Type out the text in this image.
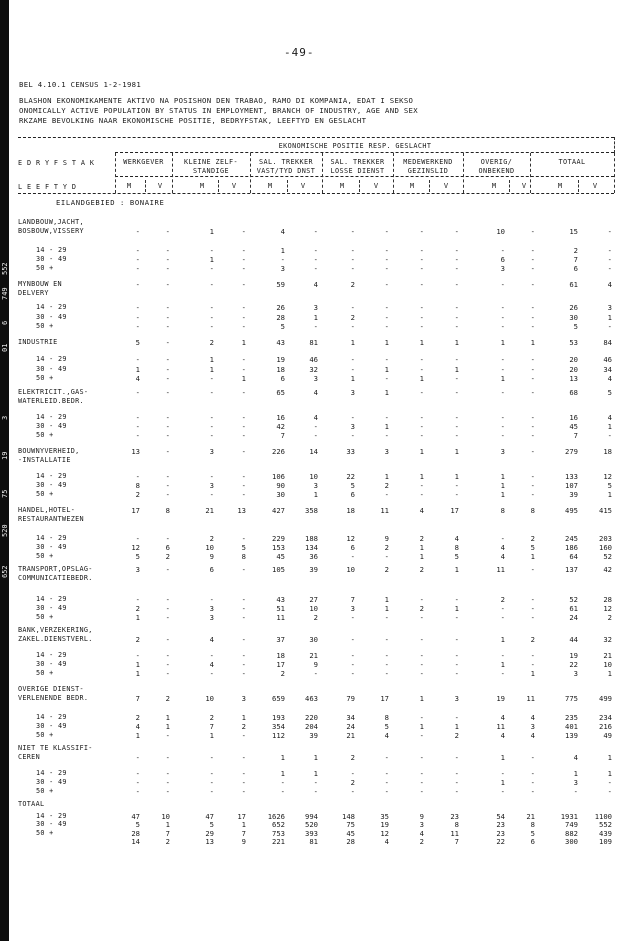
552
749
6
01
3
19
75
520
652
-49-
BEL 4.10.1 CENSUS 1-2-1981
BLASHON EKONOMIKAMENTE AKTIVO NA POSISHON DEN TRABAO, RAMO DI KOMPANIA, EDAT I SEKSO
ONOMICALLY ACTIVE POPULATION BY STATUS IN EMPLOYMENT, BRANCH OF INDUSTRY, AGE AND SEX
RKZAME BEVOLKING NAAR EKONOMISCHE POSITIE, BEDRYFSTAK, LEEFTYD EN GESLACHT
EKONOMISCHE POSITIE RESP. GESLACHT
E D R Y F S T A K
L E E F T Y D
WERKGEVER
M	V
KLEINE ZELF-
STANDIGE
M	V
SAL. TREKKER
VAST/TYD DNST
M	V
SAL. TREKKER
LOSSE DIENST
M	V
MEDEWERKEND
GEZINSLID
M	V
OVERIG/
ONBEKEND
M	V
TOTAAL
M	V
EILANDGEBIED : BONAIRE
LANDBOUW,JACHT,
BOSBOUW,VISSERY	-	-	1	-	4	-	-	-	-	-	10	-	15	-
14 - 29	-	-	-	-	1	-	-	-	-	-	-	-	2	-
30 - 49	-	-	1	-	-	-	-	-	-	-	6	-	7	-
50 +	-	-	-	-	3	-	-	-	-	-	3	-	6	-
MYNBOUW EN	-	-	-	-	59	4	2	-	-	-	-	-	61	4
DELVERY
14 - 29	-	-	-	-	26	3	-	-	-	-	-	-	26	3
30 - 49	-	-	-	-	28	1	2	-	-	-	-	-	30	1
50 +	-	-	-	-	5	-	-	-	-	-	-	-	5	-
INDUSTRIE	5	-	2	1	43	81	1	1	1	1	1	1	53	84
14 - 29	-	-	1	-	19	46	-	-	-	-	-	-	20	46
30 - 49	1	-	1	-	18	32	-	1	-	1	-	-	20	34
50 +	4	-	-	1	6	3	1	-	1	-	1	-	13	4
ELEKTRICIT.,GAS-	-	-	-	-	65	4	3	1	-	-	-	-	68	5
WATERLEID.BEDR.
14 - 29	-	-	-	-	16	4	-	-	-	-	-	-	16	4
30 - 49	-	-	-	-	42	-	3	1	-	-	-	-	45	1
50 +	-	-	-	-	7	-	-	-	-	-	-	-	7	-
BOUWNYVERHEID,	13	-	3	-	226	14	33	3	1	1	3	-	279	18
-INSTALLATIE
14 - 29	-	-	-	-	106	10	22	1	1	1	1	-	133	12
30 - 49	8	-	3	-	90	3	5	2	-	-	1	-	107	5
50 +	2	-	-	-	30	1	6	-	-	-	1	-	39	1
HANDEL,HOTEL-	17	8	21	13	427	358	18	11	4	17	8	8	495	415
RESTAURANTWEZEN
14 - 29	-	-	2	-	229	188	12	9	2	4	-	2	245	203
30 - 49	12	6	10	5	153	134	6	2	1	8	4	5	186	160
50 +	5	2	9	8	45	36	-	-	1	5	4	1	64	52
TRANSPORT,OPSLAG-	3	-	6	-	105	39	10	2	2	1	11	-	137	42
COMMUNICATIEBEDR.
14 - 29	-	-	-	-	43	27	7	1	-	-	2	-	52	28
30 - 49	2	-	3	-	51	10	3	1	2	1	-	-	61	12
50 +	1	-	3	-	11	2	-	-	-	-	-	-	24	2
BANK,VERZEKERING,
ZAKEL.DIENSTVERL.	2	-	4	-	37	30	-	-	-	-	1	2	44	32
14 - 29	-	-	-	-	18	21	-	-	-	-	-	-	19	21
30 - 49	1	-	4	-	17	9	-	-	-	-	1	-	22	10
50 +	1	-	-	-	2	-	-	-	-	-	-	1	3	1
OVERIGE DIENST-
VERLENENDE BEDR.	7	2	10	3	659	463	79	17	1	3	19	11	775	499
14 - 29	2	1	2	1	193	220	34	8	-	-	4	4	235	234
30 - 49	4	1	7	2	354	204	24	5	1	1	11	3	401	216
50 +	1	-	1	-	112	39	21	4	-	2	4	4	139	49
NIET TE KLASSIFI-
CEREN	-	-	-	-	1	1	2	-	-	-	1	-	4	1
14 - 29	-	-	-	-	1	1	-	-	-	-	-	-	1	1
30 - 49	-	-	-	-	-	-	2	-	-	-	1	-	3	-
50 +	-	-	-	-	-	-	-	-	-	-	-	-	-	-
TOTAAL
14 - 29	47	10	47	17	1626	994	148	35	9	23	54	21	1931	1100
30 - 49	5	1	5	1	652	520	75	19	3	8	23	8	749	552
50 +	28	7	29	7	753	393	45	12	4	11	23	5	882	439
14	2	13	9	221	81	28	4	2	7	22	6	300	109
